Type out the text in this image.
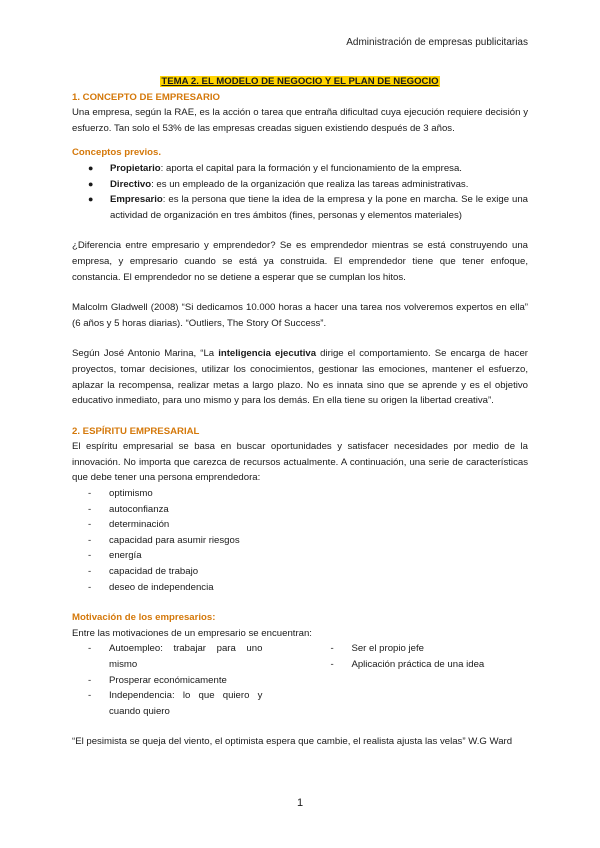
Administración de empresas publicitarias
TEMA 2. EL MODELO DE NEGOCIO Y EL PLAN DE NEGOCIO
1. CONCEPTO DE EMPRESARIO

Una empresa, según la RAE, es la acción o tarea que entraña dificultad cuya ejecución requiere decisión y esfuerzo. Tan solo el 53% de las empresas creadas siguen existiendo después de 3 años.

Conceptos previos.
● Propietario: aporta el capital para la formación y el funcionamiento de la empresa.
● Directivo: es un empleado de la organización que realiza las tareas administrativas.
● Empresario: es la persona que tiene la idea de la empresa y la pone en marcha. Se le exige una actividad de organización en tres ámbitos (fines, personas y elementos materiales)

¿Diferencia entre empresario y emprendedor? Se es emprendedor mientras se está construyendo una empresa, y empresario cuando se está ya construida. El emprendedor tiene que tener enfoque, constancia. El emprendedor no se detiene a esperar que se cumplan los hitos.

Malcolm Gladwell (2008) “Si dedicamos 10.000 horas a hacer una tarea nos volveremos expertos en ella” (6 años y 5 horas diarias). “Outliers, The Story Of Success”.

Según José Antonio Marina, “La inteligencia ejecutiva dirige el comportamiento. Se encarga de hacer proyectos, tomar decisiones, utilizar los conocimientos, gestionar las emociones, mantener el esfuerzo, aplazar la recompensa, realizar metas a largo plazo. No es innata sino que se aprende y es el objetivo educativo inmediato, para uno mismo y para los demás. En ella tiene su origen la libertad creativa”.

2. ESPÍRITU EMPRESARIAL

El espíritu empresarial se basa en buscar oportunidades y satisfacer necesidades por medio de la innovación. No importa que carezca de recursos actualmente. A continuación, una serie de características que debe tener una persona emprendedora:

- optimismo
- autoconfianza
- determinación
- capacidad para asumir riesgos
- energía
- capacidad de trabajo
- deseo de independencia
Motivación de los empresarios:

Entre las motivaciones de un empresario se encuentran:

- Autoempleo: trabajar para uno mismo
- Prosperar económicamente
- Independencia: lo que quiero y cuando quiero
- Ser el propio jefe
- Aplicación práctica de una idea

“El pesimista se queja del viento, el optimista espera que cambie, el realista ajusta las velas” W.G Ward

1
